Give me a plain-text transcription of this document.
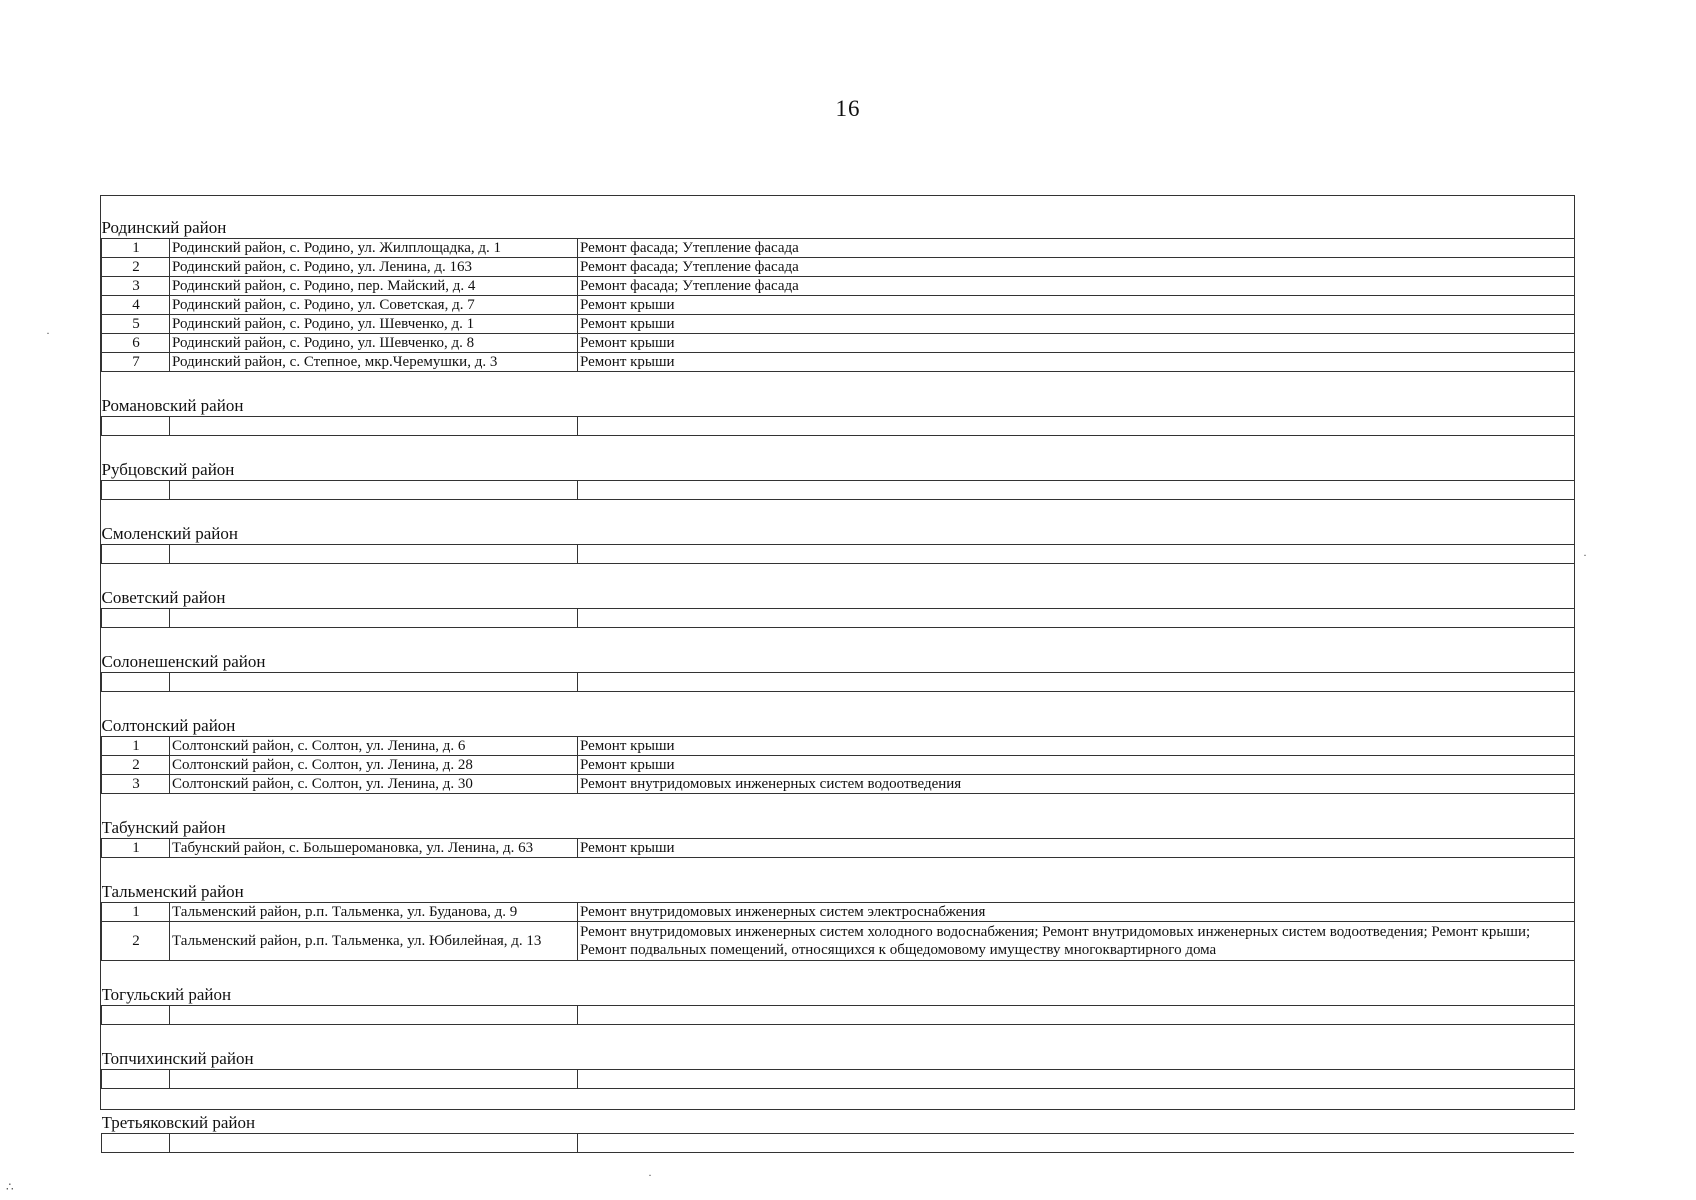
16
Родинский район		
1	Родинский район, с. Родино, ул. Жилплощадка, д. 1	Ремонт фасада; Утепление фасада
2	Родинский район, с. Родино, ул. Ленина, д. 163	Ремонт фасада; Утепление фасада
3	Родинский район, с. Родино, пер. Майский, д. 4	Ремонт фасада; Утепление фасада
4	Родинский район, с. Родино, ул. Советская, д. 7	Ремонт крыши
5	Родинский район, с. Родино, ул. Шевченко, д. 1	Ремонт крыши
6	Родинский район, с. Родино, ул. Шевченко, д. 8	Ремонт крыши
7	Родинский район, с. Степное, мкр.Черемушки, д. 3	Ремонт крыши
Романовский район		

Рубцовский район		

Смоленский район		

Советский район		

Солонешенский район		

Солтонский район		
1	Солтонский район, с. Солтон, ул. Ленина, д. 6	Ремонт крыши
2	Солтонский район, с. Солтон, ул. Ленина, д. 28	Ремонт крыши
3	Солтонский район, с. Солтон, ул. Ленина, д. 30	Ремонт внутридомовых инженерных систем водоотведения
Табунский район		
1	Табунский район, с. Большеромановка, ул. Ленина, д. 63	Ремонт крыши
Тальменский район		
1	Тальменский район, р.п. Тальменка, ул. Буданова, д. 9	Ремонт внутридомовых инженерных систем электроснабжения
2	Тальменский район, р.п. Тальменка, ул. Юбилейная, д. 13	Ремонт внутридомовых инженерных систем холодного водоснабжения; Ремонт внутридомовых инженерных систем водоотведения; Ремонт крыши; Ремонт подвальных помещений, относящихся к общедомовому имуществу многоквартирного дома
Тогульский район		

Топчихинский район		

Третьяковский район		

·
·
∴
·
